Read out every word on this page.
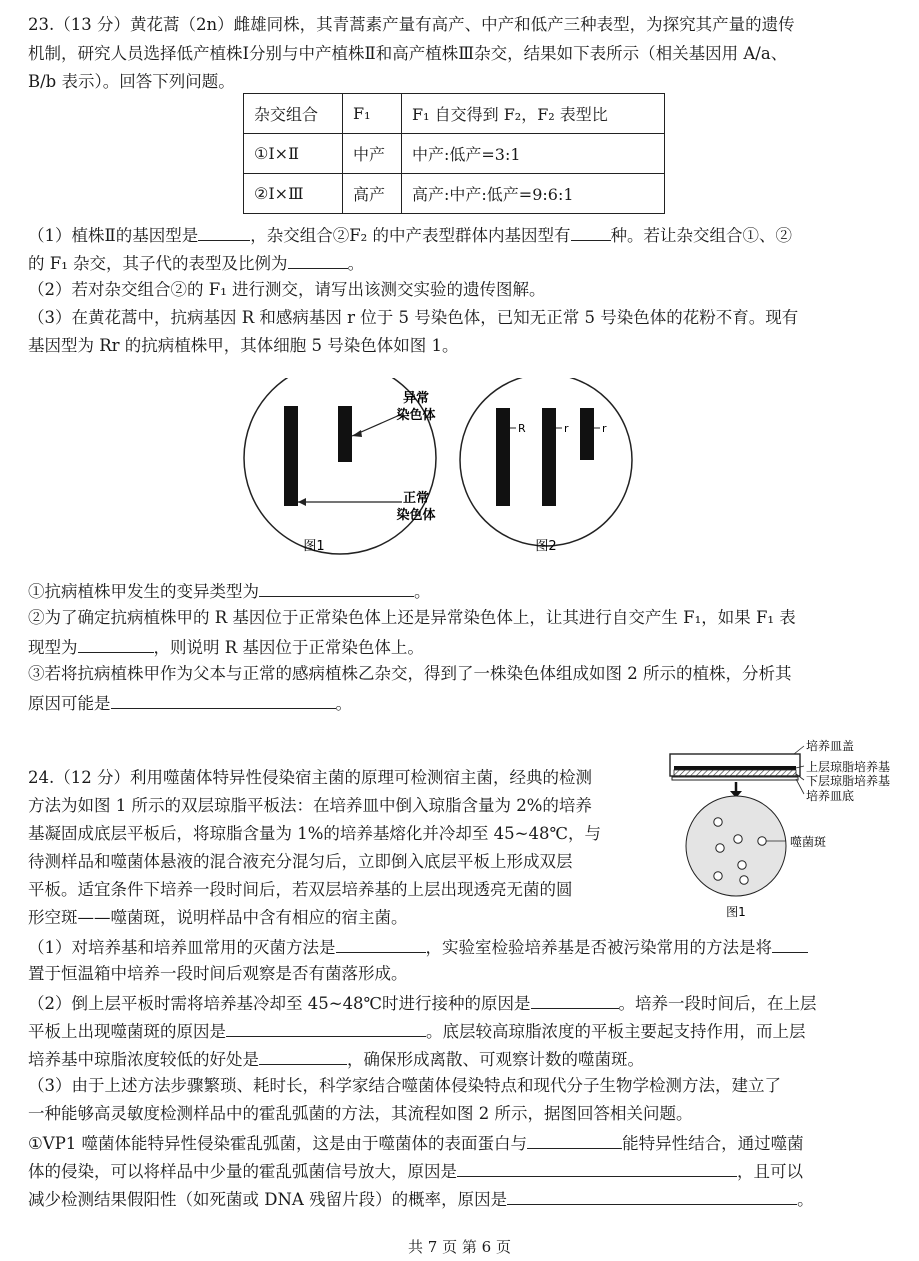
23.（13 分）黄花蒿（2n）雌雄同株，其青蒿素产量有高产、中产和低产三种表型，为探究其产量的遗传
机制，研究人员选择低产植株Ⅰ分别与中产植株Ⅱ和高产植株Ⅲ杂交，结果如下表所示（相关基因用 A/a、
B/b 表示）。回答下列问题。
杂交组合	F₁	F₁ 自交得到 F₂，F₂ 表型比
①Ⅰ×Ⅱ	中产	中产:低产=3:1
②Ⅰ×Ⅲ	高产	高产:中产:低产=9:6:1
（1）植株Ⅱ的基因型是	，杂交组合②F₂ 的中产表型群体内基因型有 种。若让杂交组合①、②
的 F₁ 杂交，其子代的表型及比例为	。
（2）若对杂交组合②的 F₁ 进行测交，请写出该测交实验的遗传图解。
（3）在黄花蒿中，抗病基因 R 和感病基因 r 位于 5 号染色体，已知无正常 5 号染色体的花粉不育。现有
基因型为 Rr 的抗病植株甲，其体细胞 5 号染色体如图 1。
异常
染色体
正常
染色体
图1
R	r	r
图2
①抗病植株甲发生的变异类型为	。
②为了确定抗病植株甲的 R 基因位于正常染色体上还是异常染色体上，让其进行自交产生 F₁，如果 F₁ 表
现型为	，则说明 R 基因位于正常染色体上。
③若将抗病植株甲作为父本与正常的感病植株乙杂交，得到了一株染色体组成如图 2 所示的植株，分析其
原因可能是	。
24.（12 分）利用噬菌体特异性侵染宿主菌的原理可检测宿主菌，经典的检测
方法为如图 1 所示的双层琼脂平板法：在培养皿中倒入琼脂含量为 2%的培养
基凝固成底层平板后，将琼脂含量为 1%的培养基熔化并冷却至 45~48℃，与
待测样品和噬菌体悬液的混合液充分混匀后，立即倒入底层平板上形成双层
平板。适宜条件下培养一段时间后，若双层培养基的上层出现透亮无菌的圆
形空斑——噬菌斑，说明样品中含有相应的宿主菌。
培养皿盖
上层琼脂培养基
下层琼脂培养基
培养皿底
噬菌斑
图1
（1）对培养基和培养皿常用的灭菌方法是	，实验室检验培养基是否被污染常用的方法是将
置于恒温箱中培养一段时间后观察是否有菌落形成。
（2）倒上层平板时需将培养基冷却至 45~48℃时进行接种的原因是	。培养一段时间后，在上层
平板上出现噬菌斑的原因是	。底层较高琼脂浓度的平板主要起支持作用，而上层
培养基中琼脂浓度较低的好处是	，确保形成离散、可观察计数的噬菌斑。
（3）由于上述方法步骤繁琐、耗时长，科学家结合噬菌体侵染特点和现代分子生物学检测方法，建立了
一种能够高灵敏度检测样品中的霍乱弧菌的方法，其流程如图 2 所示，据图回答相关问题。
①VP1 噬菌体能特异性侵染霍乱弧菌，这是由于噬菌体的表面蛋白与	能特异性结合，通过噬菌
体的侵染，可以将样品中少量的霍乱弧菌信号放大，原因是	，且可以
减少检测结果假阳性（如死菌或 DNA 残留片段）的概率，原因是	。
共 7 页 第 6 页
